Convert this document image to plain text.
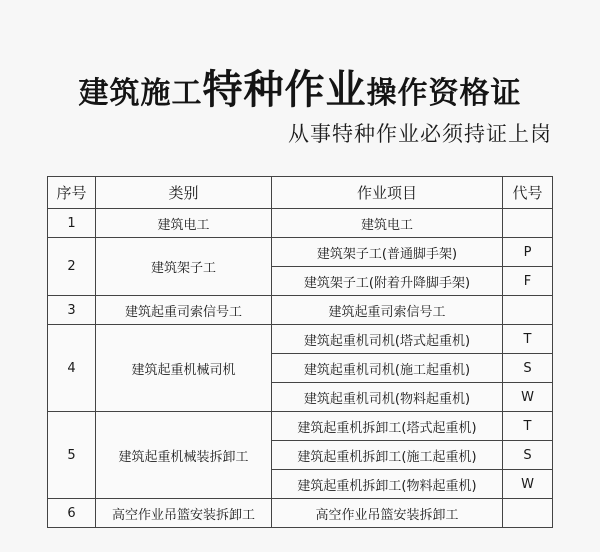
建筑施工特种作业操作资格证
从事特种作业必须持证上岗
序号	类别	作业项目	代号
1	建筑电工	建筑电工	
2	建筑架子工	建筑架子工(普通脚手架)	P
		建筑架子工(附着升降脚手架)	F
3	建筑起重司索信号工	建筑起重司索信号工	
4	建筑起重机械司机	建筑起重机司机(塔式起重机)	T
		建筑起重机司机(施工起重机)	S
		建筑起重机司机(物料起重机)	W
5	建筑起重机械装拆卸工	建筑起重机拆卸工(塔式起重机)	T
		建筑起重机拆卸工(施工起重机)	S
		建筑起重机拆卸工(物料起重机)	W
6	高空作业吊篮安装拆卸工	高空作业吊篮安装拆卸工	
